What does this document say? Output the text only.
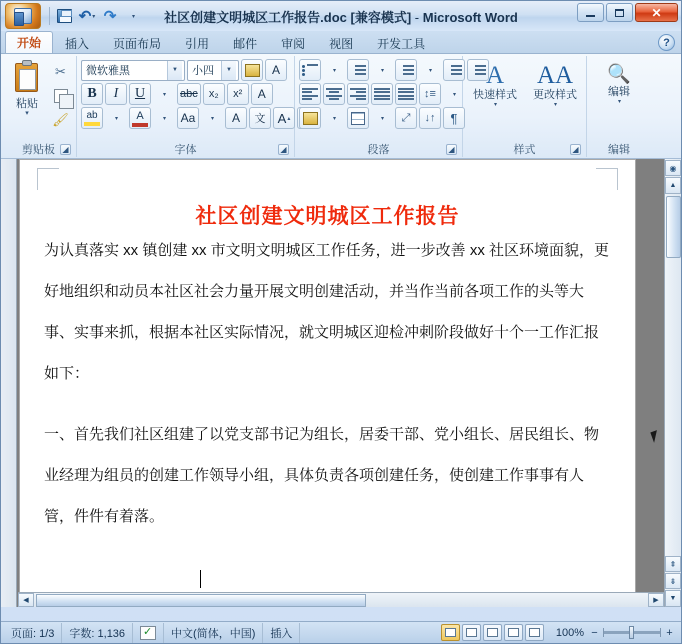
↶ ▾ ↷	▾	社区创建文明城区工作报告.doc [兼容模式] - Microsoft Word	✕
开始 插入 页面布局 引用 邮件 审阅 视图 开发工具	?
粘贴
▾
✂
🖌
剪贴板 ◢
微软雅黑	▼	小四	▼	A
B I U	▾ abc x₂ x² A
ab	▾ A	▾ Aa	▾ A 文 A ▴
字体	◢
▾	▾	▾
↕≡	▾
▾	▾ ⤢ ↓↑ ¶
段落	◢
A
快速样式
▾
AA
更改样式
▾
样式	◢
🔍
编辑
▾
编辑
社区创建文明城区工作报告

为认真落实 xx 镇创建 xx 市文明文明城区工作任务，进一步改善 xx 社区环境面貌，更好地组织和动员本社区社会力量开展文明创建活动，并当作当前各项工作的头等大事、实事来抓，根据本社区实际情况，就文明城区迎检冲刺阶段做好十个一工作汇报如下：

一、首先我们社区组建了以党支部书记为组长，居委干部、党小组长、居民组长、物业经理为组员的创建工作领导小组，具体负责各项创建任务，使创建工作事事有人管，件件有着落。

◉
▲
⇞
⇟
▼
◀	▶
页面: 1/3	字数: 1,136 ✓	中文(简体，中国)	插入	100% −	+
